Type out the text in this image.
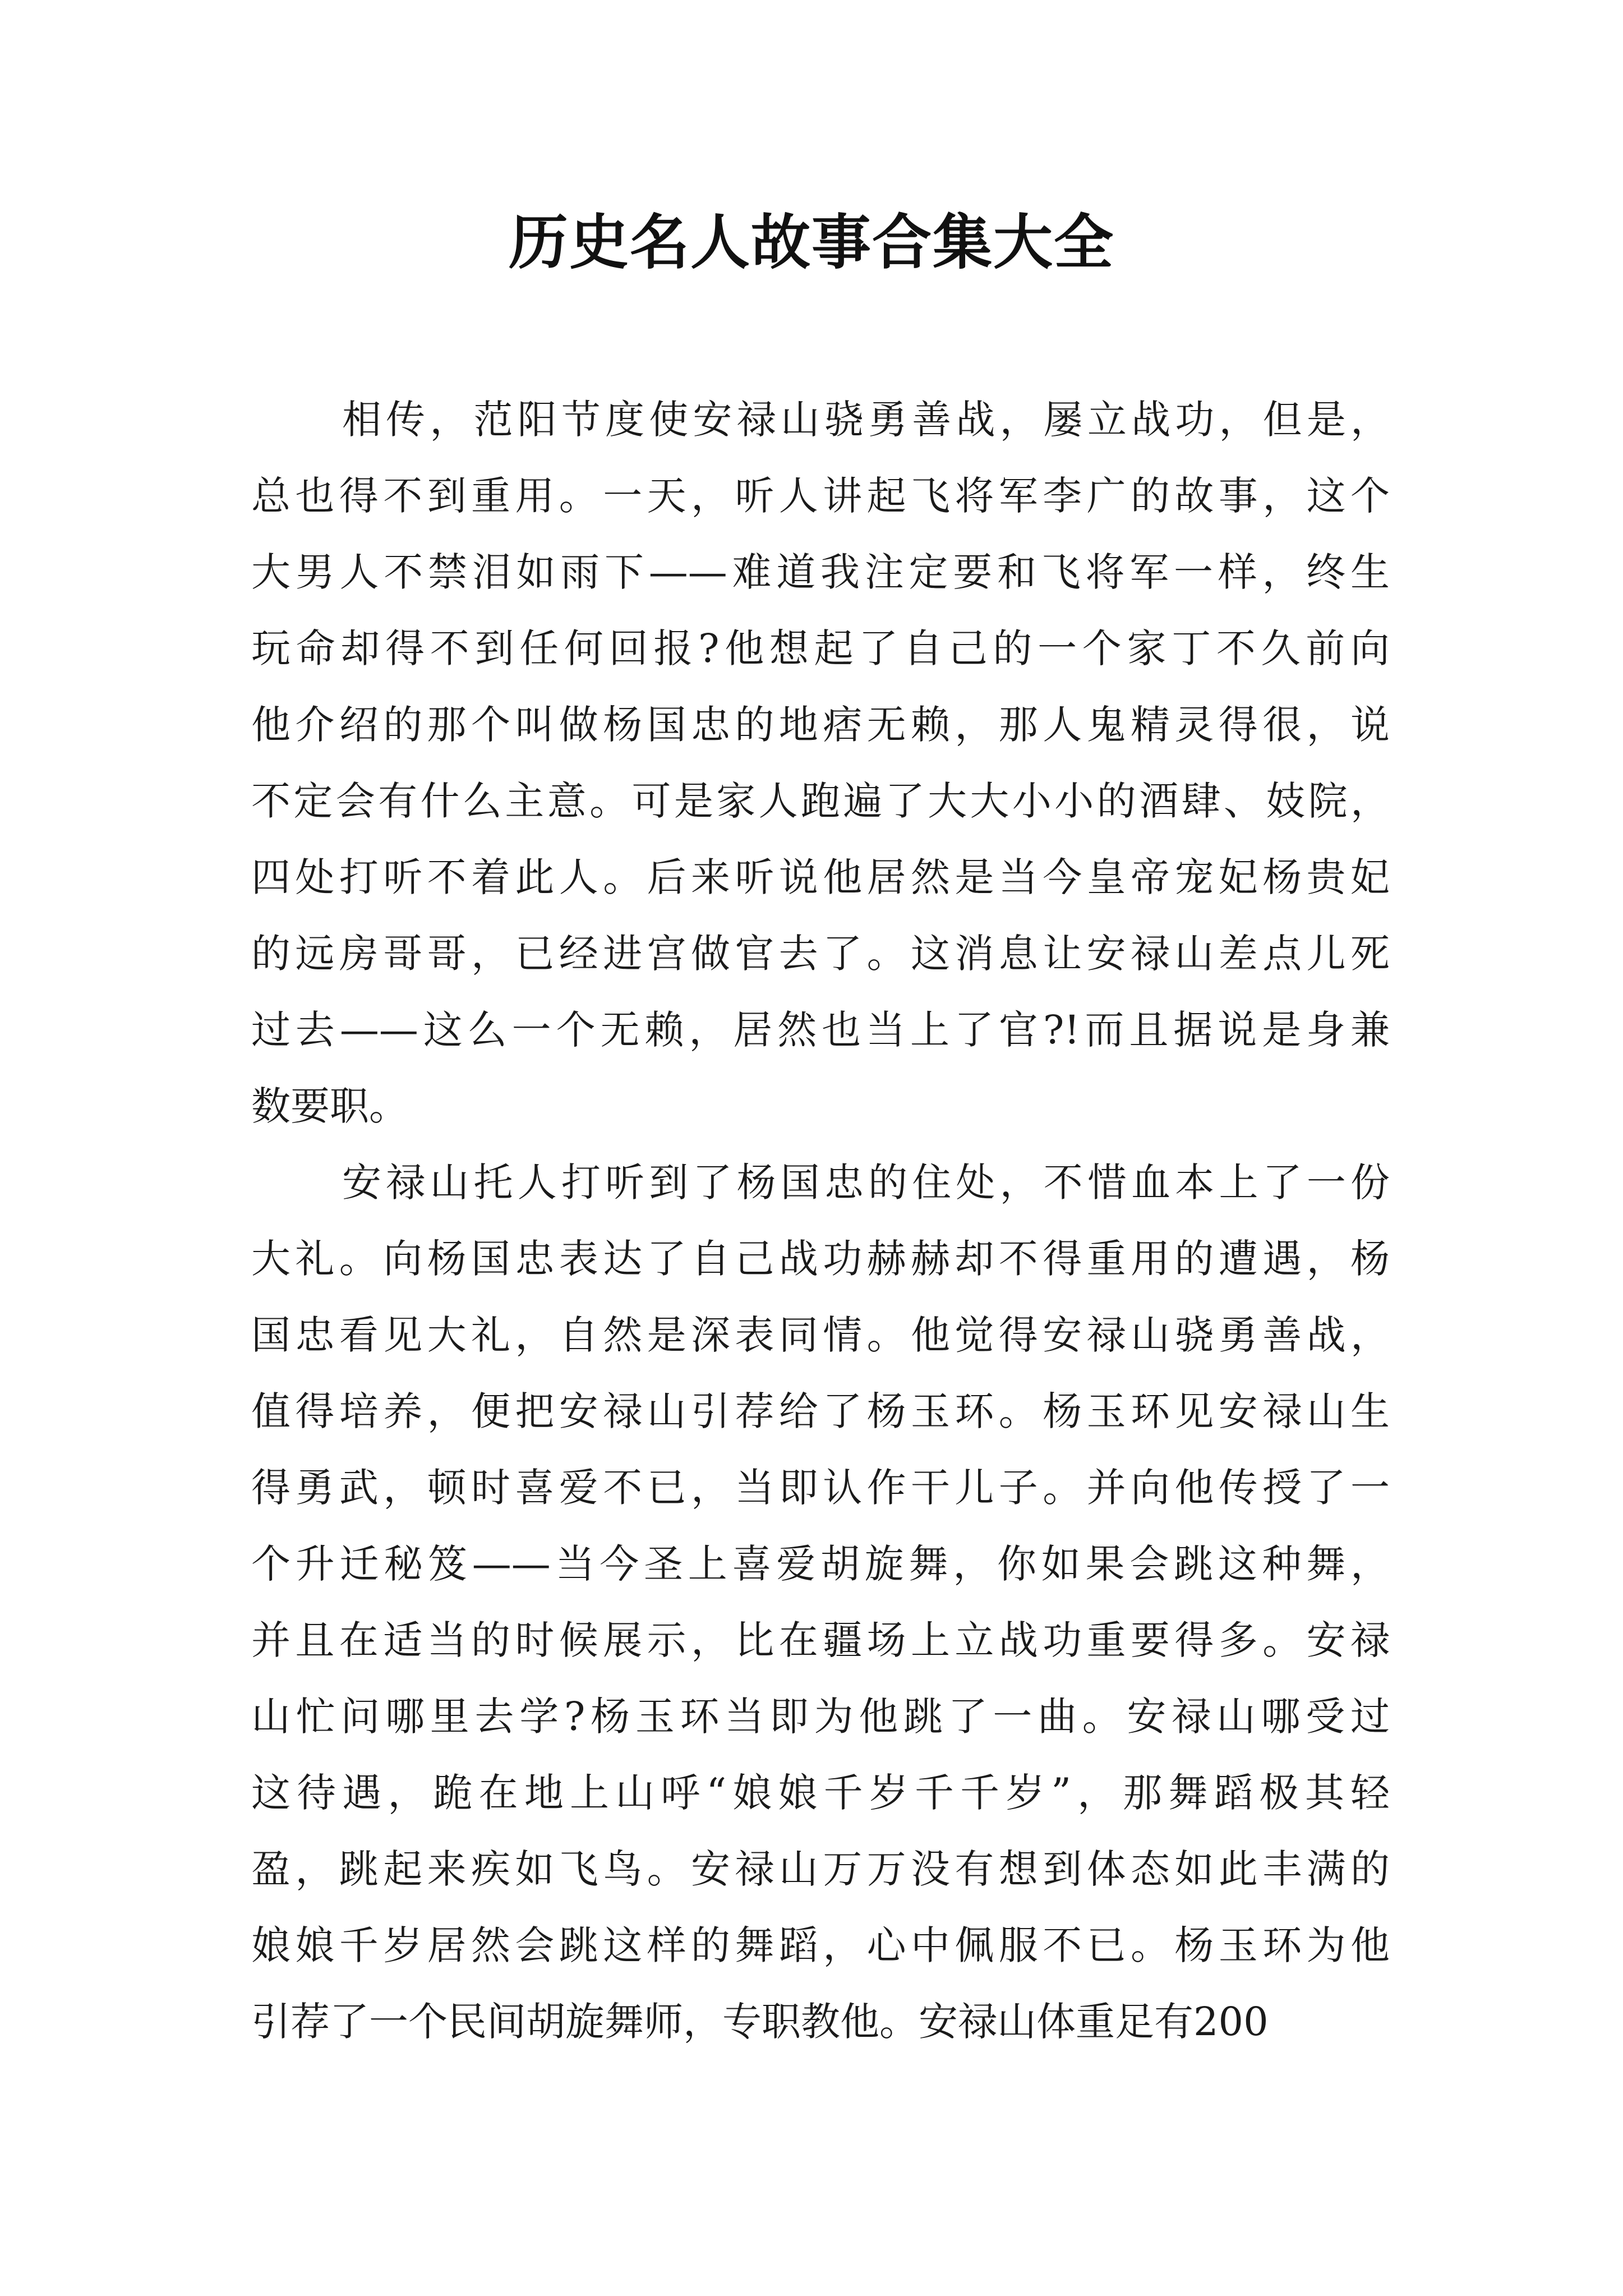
历史名人故事合集大全
相传，范阳节度使安禄山骁勇善战，屡立战功，但是，
总也得不到重用。一天，听人讲起飞将军李广的故事，这个
大男人不禁泪如雨下——难道我注定要和飞将军一样，终生
玩命却得不到任何回报?他想起了自己的一个家丁不久前向
他介绍的那个叫做杨国忠的地痞无赖，那人鬼精灵得很，说
不定会有什么主意。可是家人跑遍了大大小小的酒肆、妓院，
四处打听不着此人。后来听说他居然是当今皇帝宠妃杨贵妃
的远房哥哥，已经进宫做官去了。这消息让安禄山差点儿死
过去——这么一个无赖，居然也当上了官?!而且据说是身兼
数要职。
安禄山托人打听到了杨国忠的住处，不惜血本上了一份
大礼。向杨国忠表达了自己战功赫赫却不得重用的遭遇，杨
国忠看见大礼，自然是深表同情。他觉得安禄山骁勇善战，
值得培养，便把安禄山引荐给了杨玉环。杨玉环见安禄山生
得勇武，顿时喜爱不已，当即认作干儿子。并向他传授了一
个升迁秘笈——当今圣上喜爱胡旋舞，你如果会跳这种舞，
并且在适当的时候展示，比在疆场上立战功重要得多。安禄
山忙问哪里去学?杨玉环当即为他跳了一曲。安禄山哪受过
这待遇，跪在地上山呼“娘娘千岁千千岁”，那舞蹈极其轻
盈，跳起来疾如飞鸟。安禄山万万没有想到体态如此丰满的
娘娘千岁居然会跳这样的舞蹈，心中佩服不已。杨玉环为他
引荐了一个民间胡旋舞师，专职教他。安禄山体重足有200
